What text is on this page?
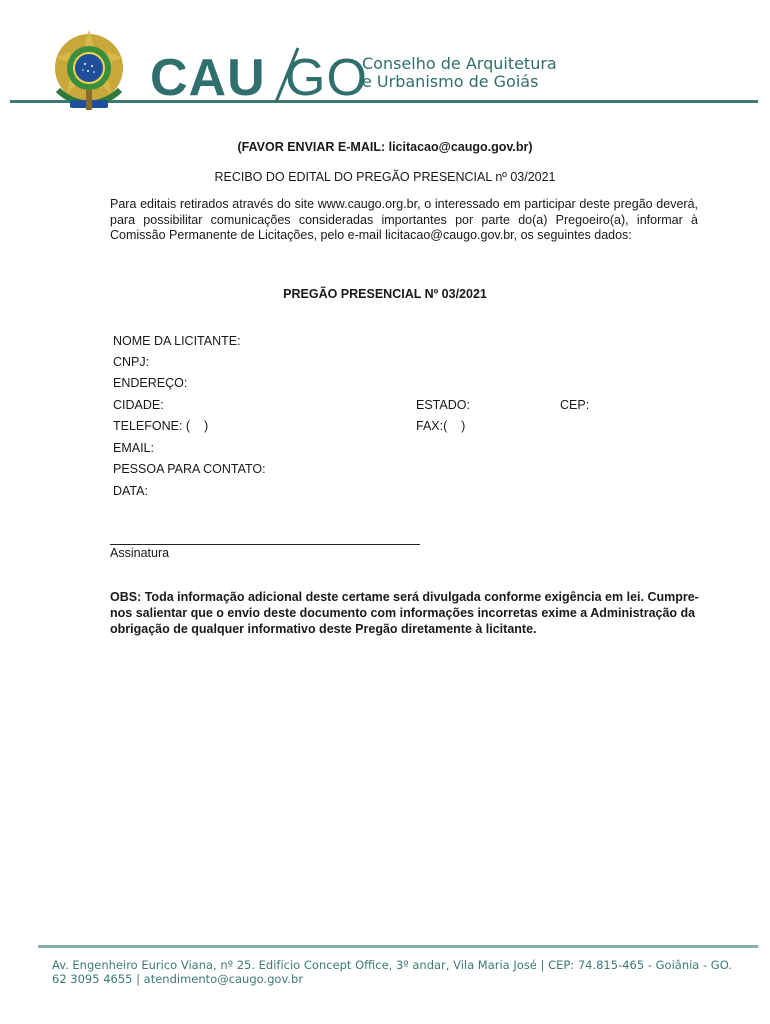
CAU GO
Conselho de Arquitetura
e Urbanismo de Goiás
(FAVOR ENVIAR E-MAIL: licitacao@caugo.gov.br)
RECIBO DO EDITAL DO PREGÃO PRESENCIAL nº 03/2021
Para editais retirados através do site www.caugo.org.br, o interessado em participar deste pregão deverá, para possibilitar comunicações consideradas importantes por parte do(a) Pregoeiro(a), informar à Comissão Permanente de Licitações, pelo e-mail licitacao@caugo.gov.br, os seguintes dados:
PREGÃO PRESENCIAL Nº 03/2021
NOME DA LICITANTE:
CNPJ:
ENDEREÇO:
CIDADE:	ESTADO:	CEP:
TELEFONE: (    )	FAX:(    )
EMAIL:
PESSOA PARA CONTATO:
DATA:
Assinatura
OBS: Toda informação adicional deste certame será divulgada conforme exigência em lei. Cumpre-nos salientar que o envio deste documento com informações incorretas exime a Administração da obrigação de qualquer informativo deste Pregão diretamente à licitante.
Av. Engenheiro Eurico Viana, nº 25. Edifício Concept Office, 3º andar, Vila Maria José | CEP: 74.815-465 - Goiânia - GO.
62 3095 4655 | atendimento@caugo.gov.br
